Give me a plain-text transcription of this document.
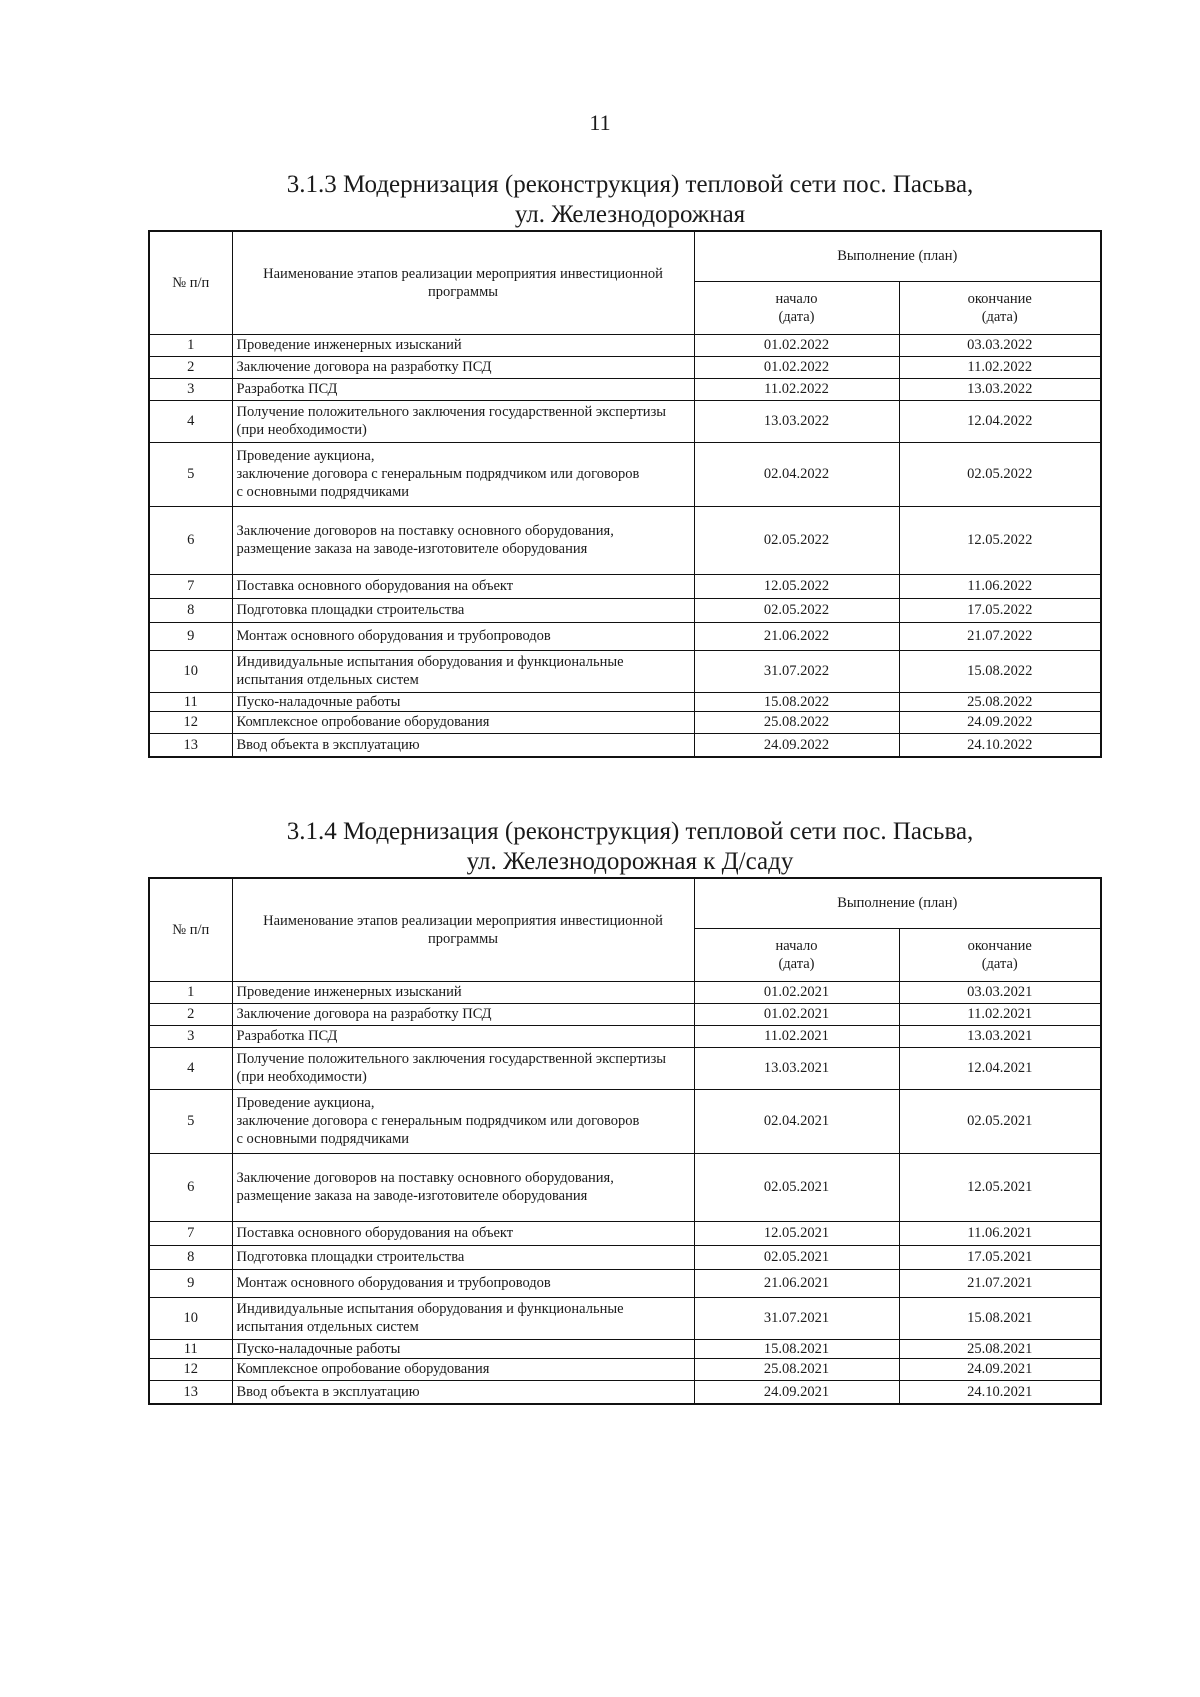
11
3.1.3 Модернизация (реконструкция) тепловой сети пос. Пасьва,
ул. Железнодорожная
№ п/п	Наименование этапов реализации мероприятия инвестиционной программы	Выполнение (план)	

		начало
(дата)	окончание
(дата)

1	Проведение инженерных изысканий	01.02.2022	03.03.2022
2	Заключение договора на разработку ПСД	01.02.2022	11.02.2022
3	Разработка ПСД	11.02.2022	13.03.2022
4	Получение положительного заключения государственной экспертизы (при необходимости)	13.03.2022	12.04.2022
5	Проведение аукциона,
заключение договора с генеральным подрядчиком или договоров
с основными подрядчиками	02.04.2022	02.05.2022
6	Заключение договоров на поставку основного оборудования, размещение заказа на заводе-изготовителе оборудования	02.05.2022	12.05.2022
7	Поставка основного оборудования на объект	12.05.2022	11.06.2022
8	Подготовка площадки строительства	02.05.2022	17.05.2022
9	Монтаж основного оборудования и трубопроводов	21.06.2022	21.07.2022
10	Индивидуальные испытания оборудования и функциональные испытания отдельных систем	31.07.2022	15.08.2022
11	Пуско-наладочные работы	15.08.2022	25.08.2022
12	Комплексное опробование оборудования	25.08.2022	24.09.2022
13	Ввод объекта в эксплуатацию	24.09.2022	24.10.2022
3.1.4 Модернизация (реконструкция) тепловой сети пос. Пасьва,
ул. Железнодорожная к Д/саду
№ п/п	Наименование этапов реализации мероприятия инвестиционной программы	Выполнение (план)	

		начало
(дата)	окончание
(дата)

1	Проведение инженерных изысканий	01.02.2021	03.03.2021
2	Заключение договора на разработку ПСД	01.02.2021	11.02.2021
3	Разработка ПСД	11.02.2021	13.03.2021
4	Получение положительного заключения государственной экспертизы (при необходимости)	13.03.2021	12.04.2021
5	Проведение аукциона,
заключение договора с генеральным подрядчиком или договоров
с основными подрядчиками	02.04.2021	02.05.2021
6	Заключение договоров на поставку основного оборудования, размещение заказа на заводе-изготовителе оборудования	02.05.2021	12.05.2021
7	Поставка основного оборудования на объект	12.05.2021	11.06.2021
8	Подготовка площадки строительства	02.05.2021	17.05.2021
9	Монтаж основного оборудования и трубопроводов	21.06.2021	21.07.2021
10	Индивидуальные испытания оборудования и функциональные испытания отдельных систем	31.07.2021	15.08.2021
11	Пуско-наладочные работы	15.08.2021	25.08.2021
12	Комплексное опробование оборудования	25.08.2021	24.09.2021
13	Ввод объекта в эксплуатацию	24.09.2021	24.10.2021
